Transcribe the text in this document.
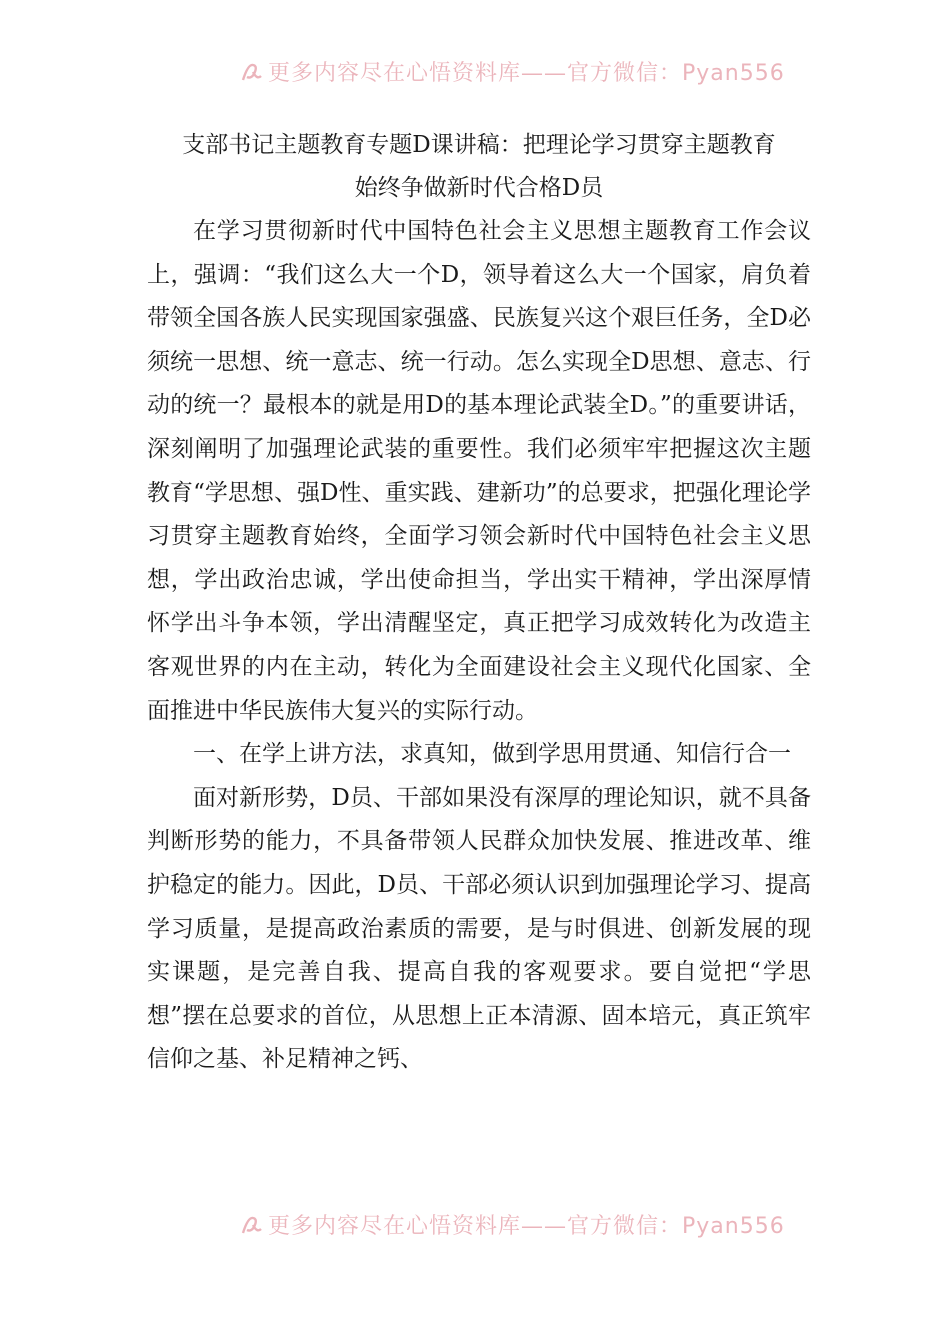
更多内容尽在心悟资料库——官方微信：Pyan556

支部书记主题教育专题D课讲稿：把理论学习贯穿主题教育

始终争做新时代合格D员

在学习贯彻新时代中国特色社会主义思想主题教育工作会议上，强调：“我们这么大一个D，领导着这么大一个国家，肩负着带领全国各族人民实现国家强盛、民族复兴这个艰巨任务，全D必须统一思想、统一意志、统一行动。怎么实现全D思想、意志、行动的统一？最根本的就是用D的基本理论武装全D。”的重要讲话，深刻阐明了加强理论武装的重要性。我们必须牢牢把握这次主题教育“学思想、强D性、重实践、建新功”的总要求，把强化理论学习贯穿主题教育始终，全面学习领会新时代中国特色社会主义思想，学出政治忠诚，学出使命担当，学出实干精神，学出深厚情怀学出斗争本领，学出清醒坚定，真正把学习成效转化为改造主客观世界的内在主动，转化为全面建设社会主义现代化国家、全面推进中华民族伟大复兴的实际行动。

一、在学上讲方法，求真知，做到学思用贯通、知信行合一

面对新形势，D员、干部如果没有深厚的理论知识，就不具备判断形势的能力，不具备带领人民群众加快发展、推进改革、维护稳定的能力。因此，D员、干部必须认识到加强理论学习、提高学习质量，是提高政治素质的需要，是与时俱进、创新发展的现实课题，是完善自我、提高自我的客观要求。要自觉把“学思想”摆在总要求的首位，从思想上正本清源、固本培元，真正筑牢信仰之基、补足精神之钙、

更多内容尽在心悟资料库——官方微信：Pyan556
